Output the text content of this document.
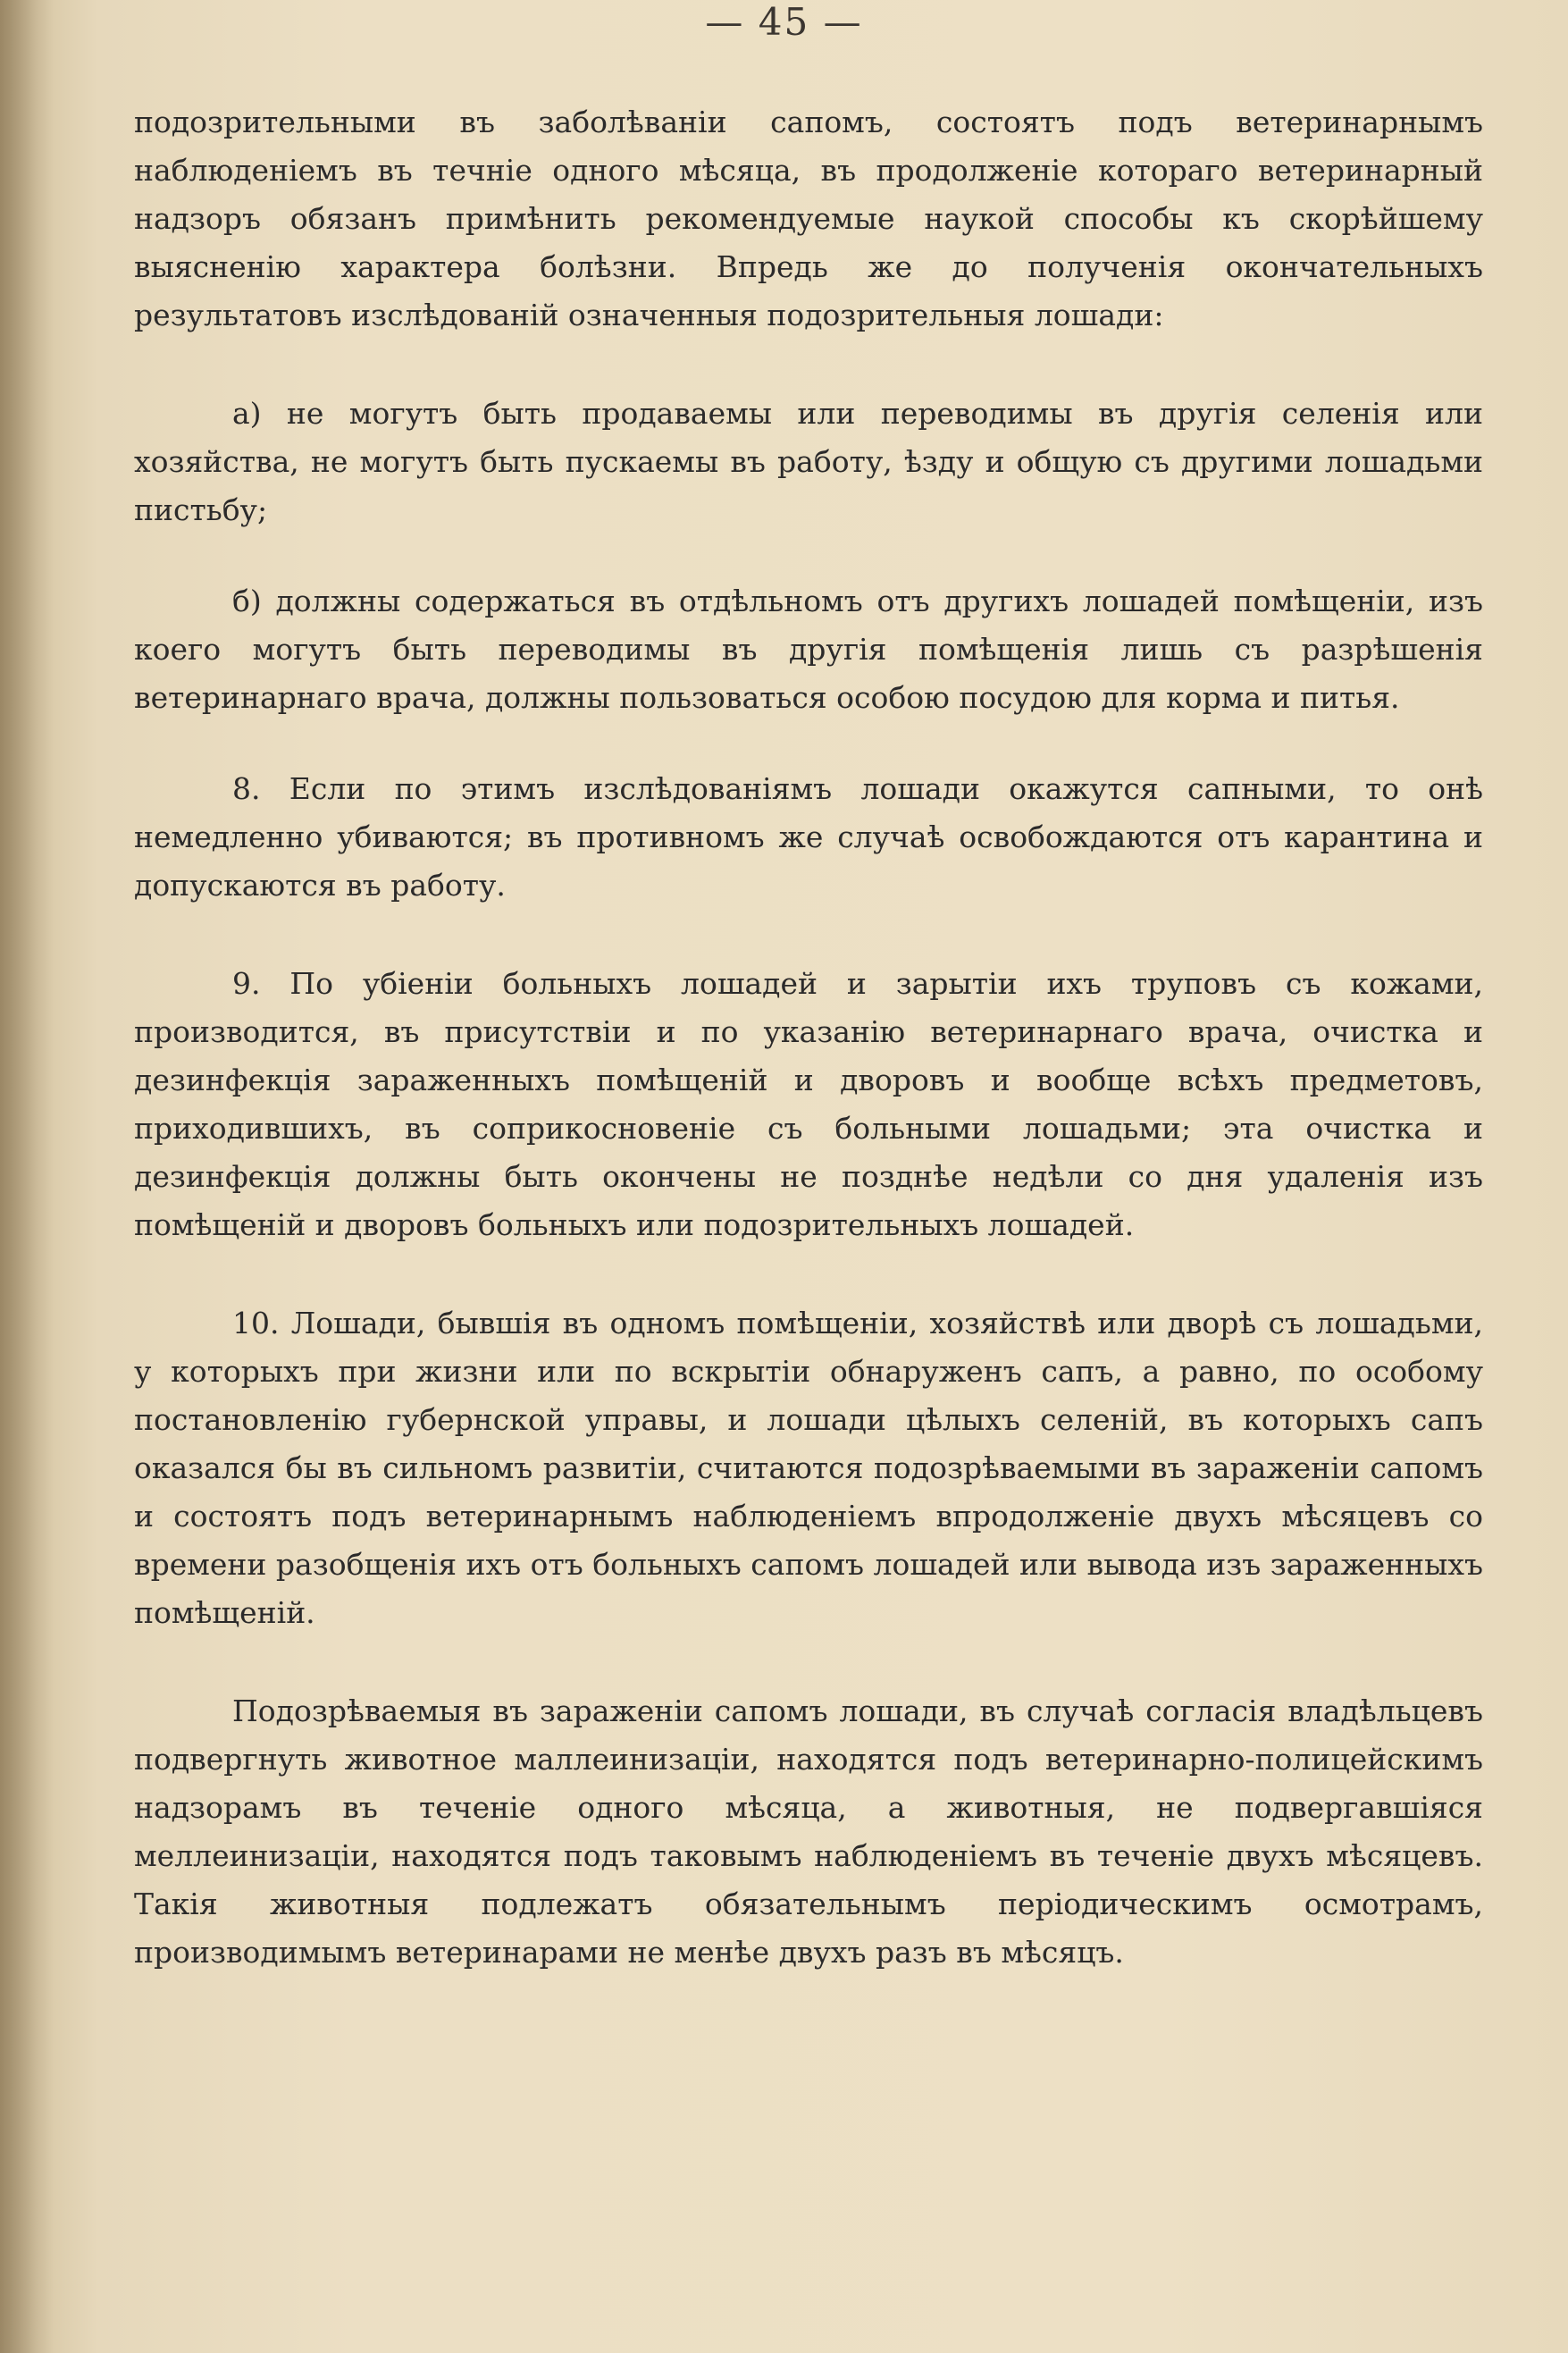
— 45 —

подозрительными въ заболѣваніи сапомъ, состоятъ подъ ветеринарнымъ наблюденіемъ въ течніе одного мѣсяца, въ продолженіе котораго ветеринарный надзоръ обязанъ примѣнить рекомендуемые наукой способы къ скорѣйшему выясненію характера болѣзни. Впредь же до полученія окончательныхъ результатовъ изслѣдованій означенныя подозрительныя лошади:

а) не могутъ быть продаваемы или переводимы въ другія селенія или хозяйства, не могутъ быть пускаемы въ работу, ѣзду и общую съ другими лошадьми пистьбу;

б) должны содержаться въ отдѣльномъ отъ другихъ лошадей помѣщеніи, изъ коего могутъ быть переводимы въ другія помѣщенія лишь съ разрѣшенія ветеринарнаго врача, должны пользоваться особою посудою для корма и питья.

8. Если по этимъ изслѣдованіямъ лошади окажутся сапными, то онѣ немедленно убиваются; въ противномъ же случаѣ освобождаются отъ карантина и допускаются въ работу.

9. По убіеніи больныхъ лошадей и зарытіи ихъ труповъ съ кожами, производится, въ присутствіи и по указанію ветеринарнаго врача, очистка и дезинфекція зараженныхъ помѣщеній и дворовъ и вообще всѣхъ предметовъ, приходившихъ, въ соприкосновеніе съ больными лошадьми; эта очистка и дезинфекція должны быть окончены не позднѣе недѣли со дня удаленія изъ помѣщеній и дворовъ больныхъ или подозрительныхъ лошадей.

10. Лошади, бывшія въ одномъ помѣщеніи, хозяйствѣ или дворѣ съ лошадьми, у которыхъ при жизни или по вскрытіи обнаруженъ сапъ, а равно, по особому постановленію губернской управы, и лошади цѣлыхъ селеній, въ которыхъ сапъ оказался бы въ сильномъ развитіи, считаются подозрѣваемыми въ зараженіи сапомъ и состоятъ подъ ветеринарнымъ наблюденіемъ впродолженіе двухъ мѣсяцевъ со времени разобщенія ихъ отъ больныхъ сапомъ лошадей или вывода изъ зараженныхъ помѣщеній.

Подозрѣваемыя въ зараженіи сапомъ лошади, въ случаѣ согласія владѣльцевъ подвергнуть животное маллеинизаціи, находятся подъ ветеринарно-полицейскимъ надзорамъ въ теченіе одного мѣсяца, а животныя, не подвергавшіяся меллеинизаціи, находятся подъ таковымъ наблюденіемъ въ теченіе двухъ мѣсяцевъ. Такія животныя подлежатъ обязательнымъ періодическимъ осмотрамъ, производимымъ ветеринарами не менѣе двухъ разъ въ мѣсяцъ.
